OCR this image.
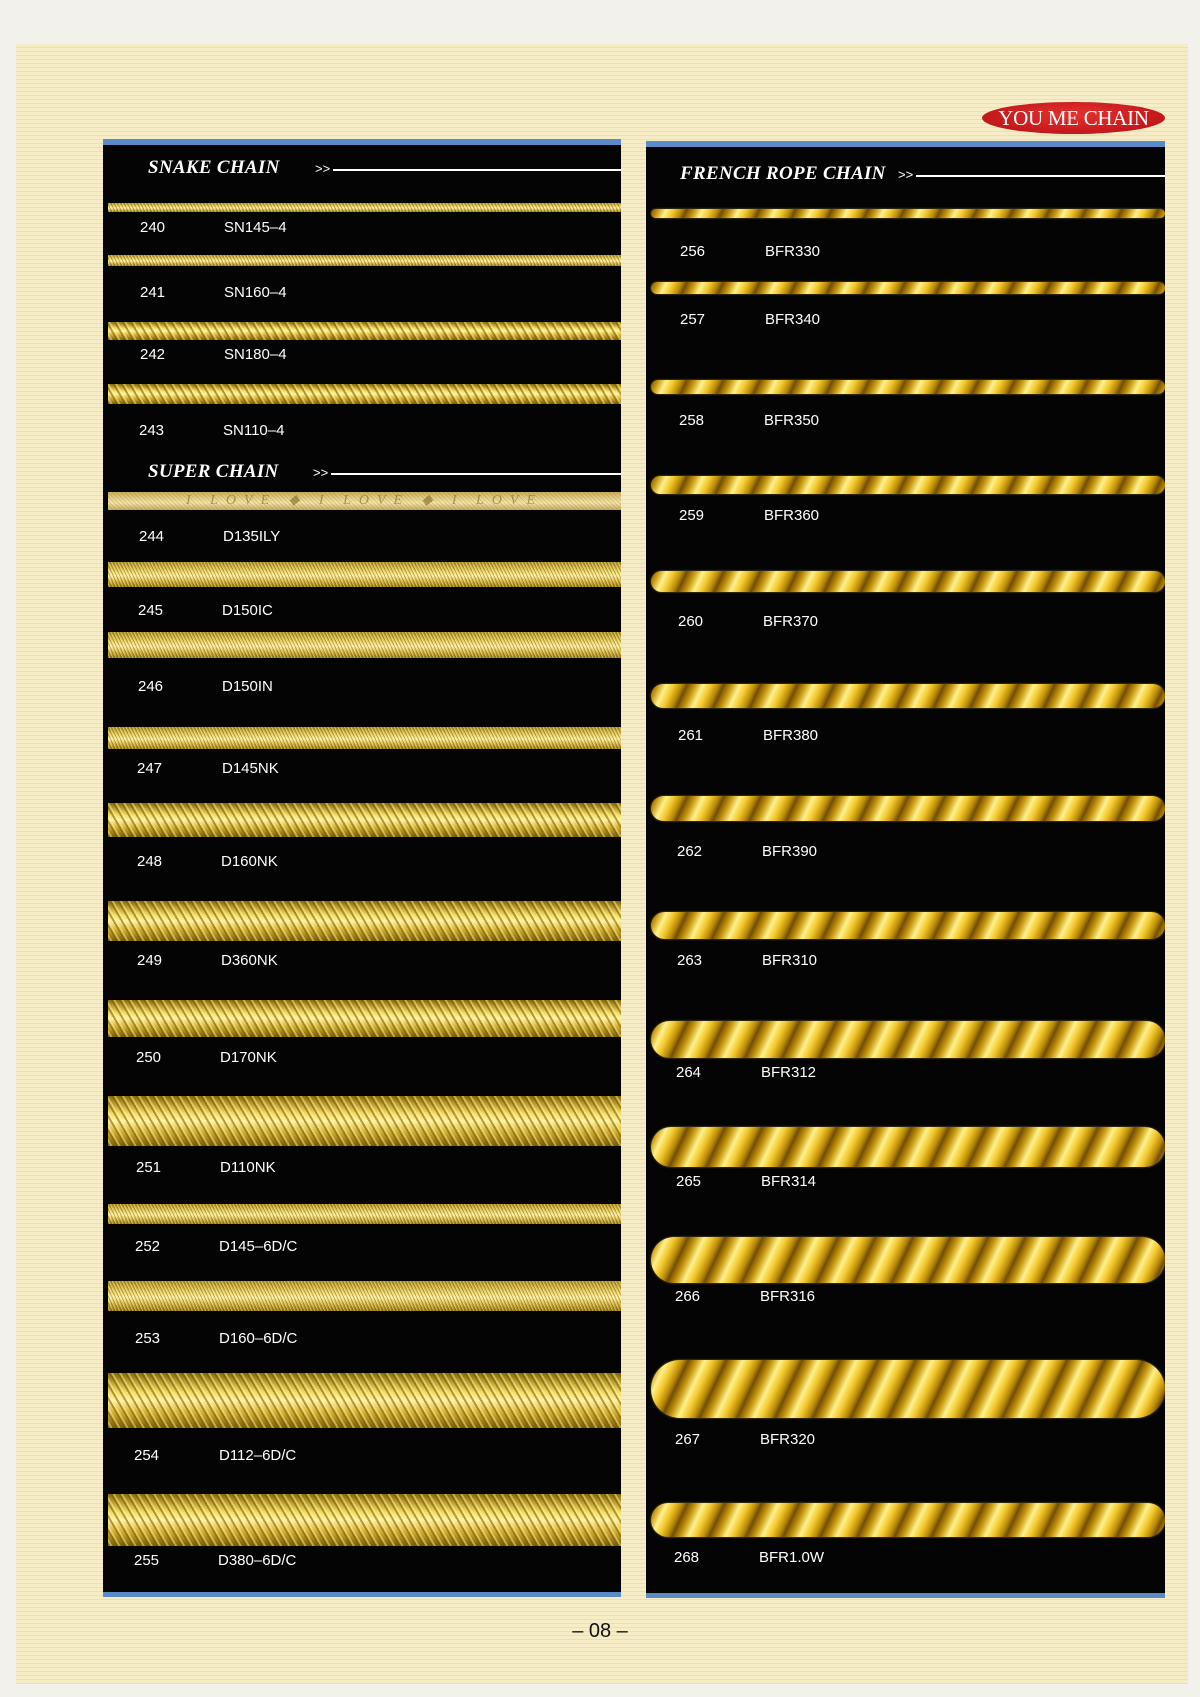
YOU ME CHAIN
SNAKE CHAIN	>>
240	SN145–4
241	SN160–4
242	SN180–4
243	SN110–4
SUPER CHAIN	>>
I LOVE ◆ I LOVE ◆ I LOVE
244	D135ILY
245	D150IC
246	D150IN
247	D145NK
248	D160NK
249	D360NK
250	D170NK
251	D110NK
252	D145–6D/C
253	D160–6D/C
254	D112–6D/C
255	D380–6D/C
FRENCH ROPE CHAIN >>
256	BFR330
257	BFR340
258	BFR350
259	BFR360
260	BFR370
261	BFR380
262	BFR390
263	BFR310
264	BFR312
265	BFR314
266	BFR316
267	BFR320
268	BFR1.0W
– 08 –
